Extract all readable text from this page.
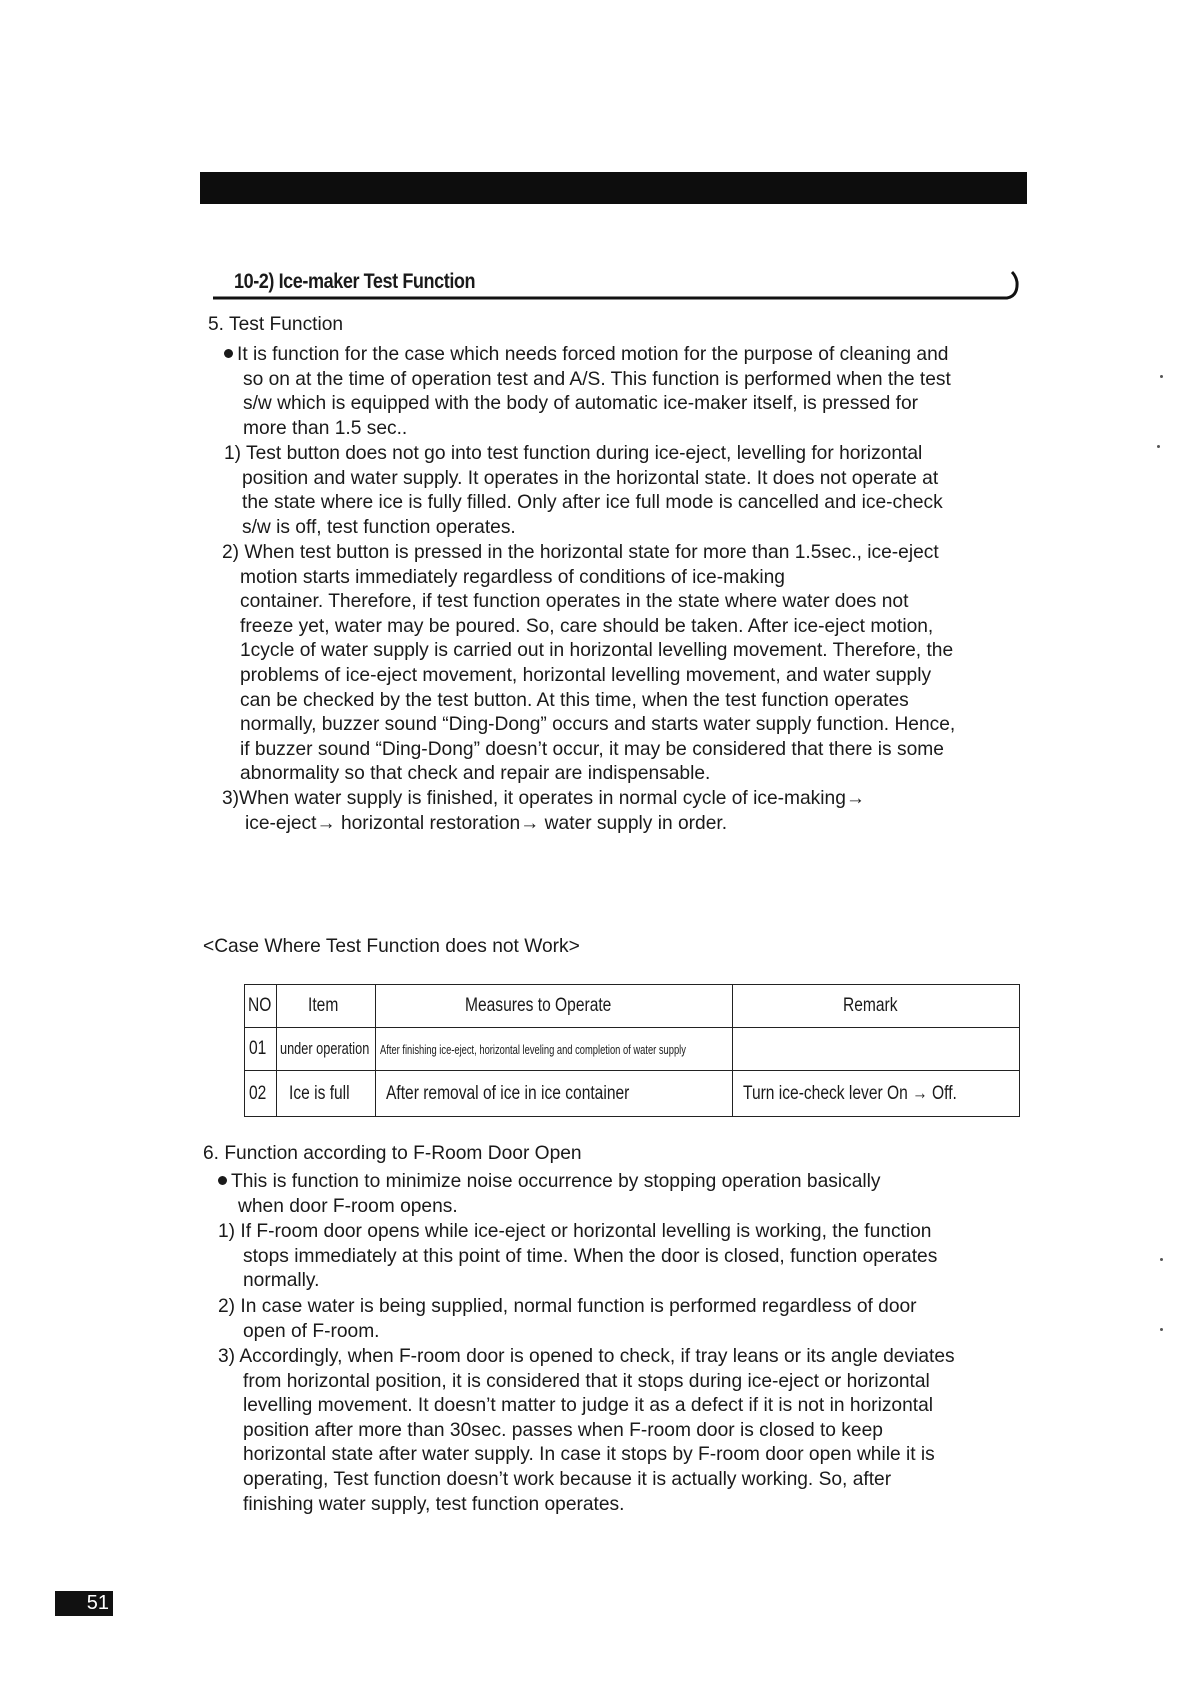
10-2) Ice-maker Test Function
5. Test Function
It is function for the case which needs forced motion for the purpose of cleaning and
so on at the time of operation test and A/S. This function is performed when the test
s/w which is equipped with the body of automatic ice-maker itself, is pressed for
more than 1.5 sec..
1) Test button does not go into test function during ice-eject, levelling for horizontal
position and water supply. It operates in the horizontal state. It does not operate at
the state where ice is fully filled. Only after ice full mode is cancelled and ice-check
s/w is off, test function operates.
2) When test button is pressed in the horizontal state for more than 1.5sec., ice-eject
motion starts immediately regardless of conditions of ice-making
container. Therefore, if test function operates in the state where water does not
freeze yet, water may be poured. So, care should be taken. After ice-eject motion,
1cycle of water supply is carried out in horizontal levelling movement. Therefore, the
problems of ice-eject movement, horizontal levelling movement, and water supply
can be checked by the test button. At this time, when the test function operates
normally, buzzer sound “Ding-Dong” occurs and starts water supply function. Hence,
if buzzer sound “Ding-Dong” doesn’t occur, it may be considered that there is some
abnormality so that check and repair are indispensable.
3)When water supply is finished, it operates in normal cycle of ice-making→
ice-eject→ horizontal restoration→ water supply in order.
<Case Where Test Function does not Work>
NO	Item	Measures to Operate	Remark
01	under operation	After finishing ice-eject, horizontal leveling and completion of water supply	
02	Ice is full	After removal of ice in ice container	Turn ice-check lever On → Off.
6. Function according to F-Room Door Open
This is function to minimize noise occurrence by stopping operation basically
when door F-room opens.
1) If F-room door opens while ice-eject or horizontal levelling is working, the function
stops immediately at this point of time. When the door is closed, function operates
normally.
2) In case water is being supplied, normal function is performed regardless of door
open of F-room.
3) Accordingly, when F-room door is opened to check, if tray leans or its angle deviates
from horizontal position, it is considered that it stops during ice-eject or horizontal
levelling movement. It doesn’t matter to judge it as a defect if it is not in horizontal
position after more than 30sec. passes when F-room door is closed to keep
horizontal state after water supply. In case it stops by F-room door open while it is
operating, Test function doesn’t work because it is actually working. So, after
finishing water supply, test function operates.
51
